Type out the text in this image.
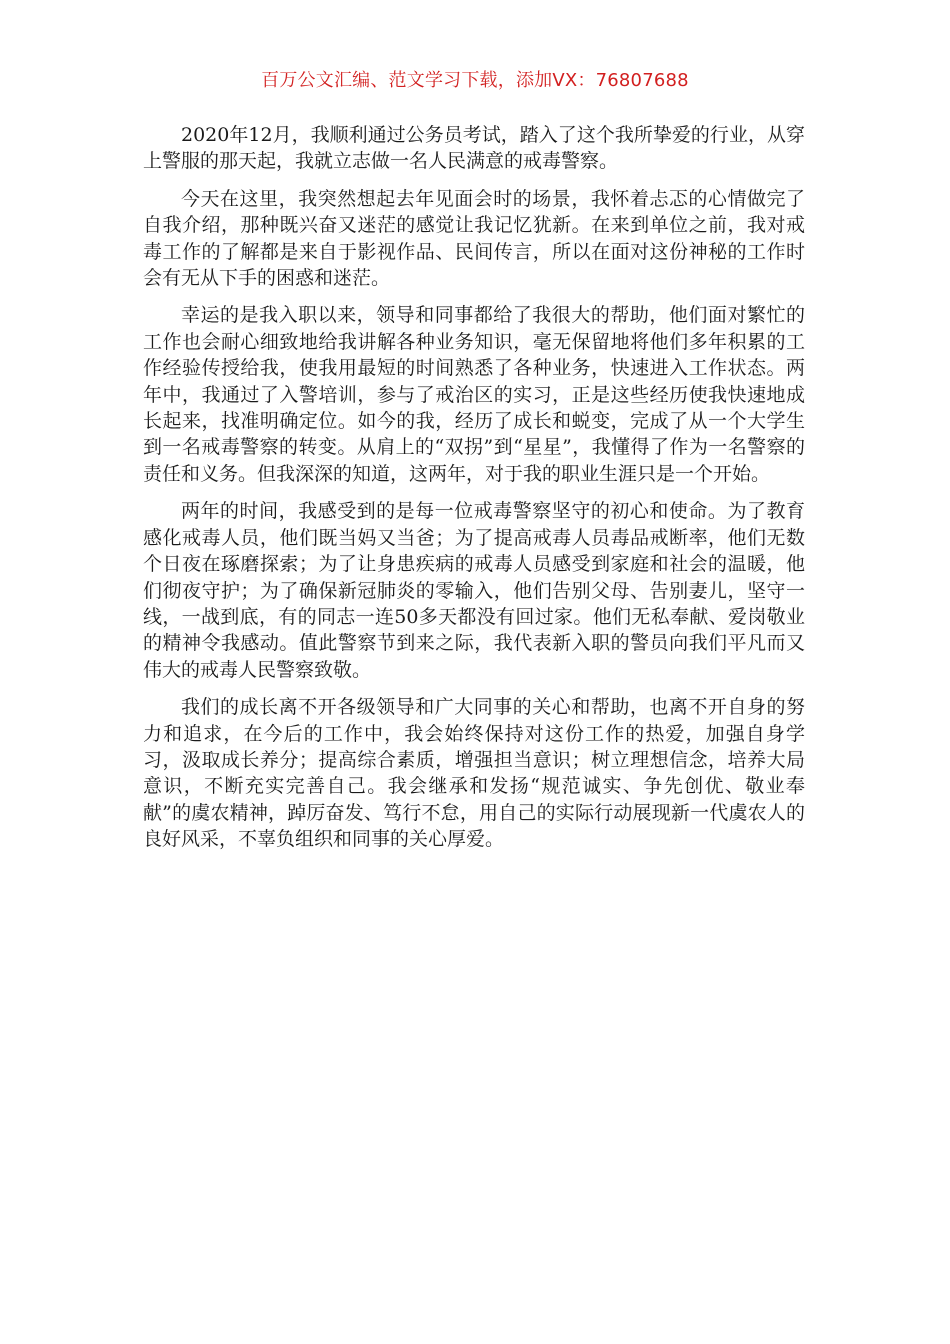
百万公文汇编、范文学习下载，添加VX：76807688

2020年12月，我顺利通过公务员考试，踏入了这个我所挚爱的行业，从穿上警服的那天起，我就立志做一名人民满意的戒毒警察。

今天在这里，我突然想起去年见面会时的场景，我怀着忐忑的心情做完了自我介绍，那种既兴奋又迷茫的感觉让我记忆犹新。在来到单位之前，我对戒毒工作的了解都是来自于影视作品、民间传言，所以在面对这份神秘的工作时会有无从下手的困惑和迷茫。

幸运的是我入职以来，领导和同事都给了我很大的帮助，他们面对繁忙的工作也会耐心细致地给我讲解各种业务知识，毫无保留地将他们多年积累的工作经验传授给我，使我用最短的时间熟悉了各种业务，快速进入工作状态。两年中，我通过了入警培训，参与了戒治区的实习，正是这些经历使我快速地成长起来，找准明确定位。如今的我，经历了成长和蜕变，完成了从一个大学生到一名戒毒警察的转变。从肩上的“双拐”到“星星”，我懂得了作为一名警察的责任和义务。但我深深的知道，这两年，对于我的职业生涯只是一个开始。

两年的时间，我感受到的是每一位戒毒警察坚守的初心和使命。为了教育感化戒毒人员，他们既当妈又当爸；为了提高戒毒人员毒品戒断率，他们无数个日夜在琢磨探索；为了让身患疾病的戒毒人员感受到家庭和社会的温暖，他们彻夜守护；为了确保新冠肺炎的零输入，他们告别父母、告别妻儿，坚守一线，一战到底，有的同志一连50多天都没有回过家。他们无私奉献、爱岗敬业的精神令我感动。值此警察节到来之际，我代表新入职的警员向我们平凡而又伟大的戒毒人民警察致敬。

我们的成长离不开各级领导和广大同事的关心和帮助，也离不开自身的努力和追求，在今后的工作中，我会始终保持对这份工作的热爱，加强自身学习，汲取成长养分；提高综合素质，增强担当意识；树立理想信念，培养大局意识，不断充实完善自己。我会继承和发扬“规范诚实、争先创优、敬业奉献”的虞农精神，踔厉奋发、笃行不怠，用自己的实际行动展现新一代虞农人的良好风采，不辜负组织和同事的关心厚爱。
